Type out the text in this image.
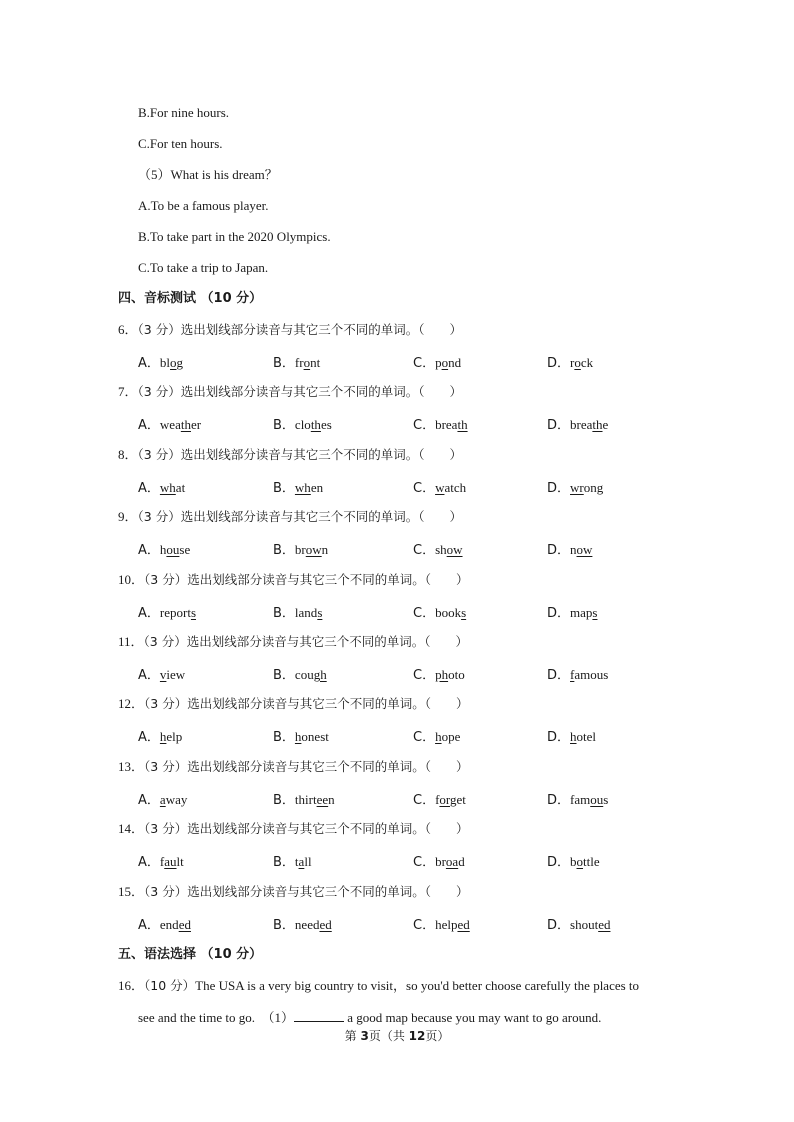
B.For nine hours.
C.For ten hours.
（5）What is his dream？
A.To be a famous player.
B.To take part in the 2020 Olympics.
C.To take a trip to Japan.
四、音标测试 （10 分）
6．（3 分）选出划线部分读音与其它三个不同的单词。（　　）
A．blog	B．front	C．pond	D．rock
7．（3 分）选出划线部分读音与其它三个不同的单词。（　　）
A．weather	B．clothes	C．breath	D．breathe
8．（3 分）选出划线部分读音与其它三个不同的单词。（　　）
A．what	B．when	C．watch	D．wrong
9．（3 分）选出划线部分读音与其它三个不同的单词。（　　）
A．house	B．brown	C．show	D．now
10．（3 分）选出划线部分读音与其它三个不同的单词。（　　）
A．reports	B．lands	C．books	D．maps
11．（3 分）选出划线部分读音与其它三个不同的单词。（　　）
A．view	B．cough	C．photo	D．famous
12．（3 分）选出划线部分读音与其它三个不同的单词。（　　）
A．help	B．honest	C．hope	D．hotel
13．（3 分）选出划线部分读音与其它三个不同的单词。（　　）
A．away	B．thirteen	C．forget	D．famous
14．（3 分）选出划线部分读音与其它三个不同的单词。（　　）
A．fault	B．tall	C．broad	D．bottle
15．（3 分）选出划线部分读音与其它三个不同的单词。（　　）
A．ended	B．needed	C．helped	D．shouted
五、语法选择 （10 分）
16．（10 分）The USA is a very big country to visit，so you'd better choose carefully the places to
see and the time to go.　（1）	a good map because you may want to go around.
第 3页（共 12页）
